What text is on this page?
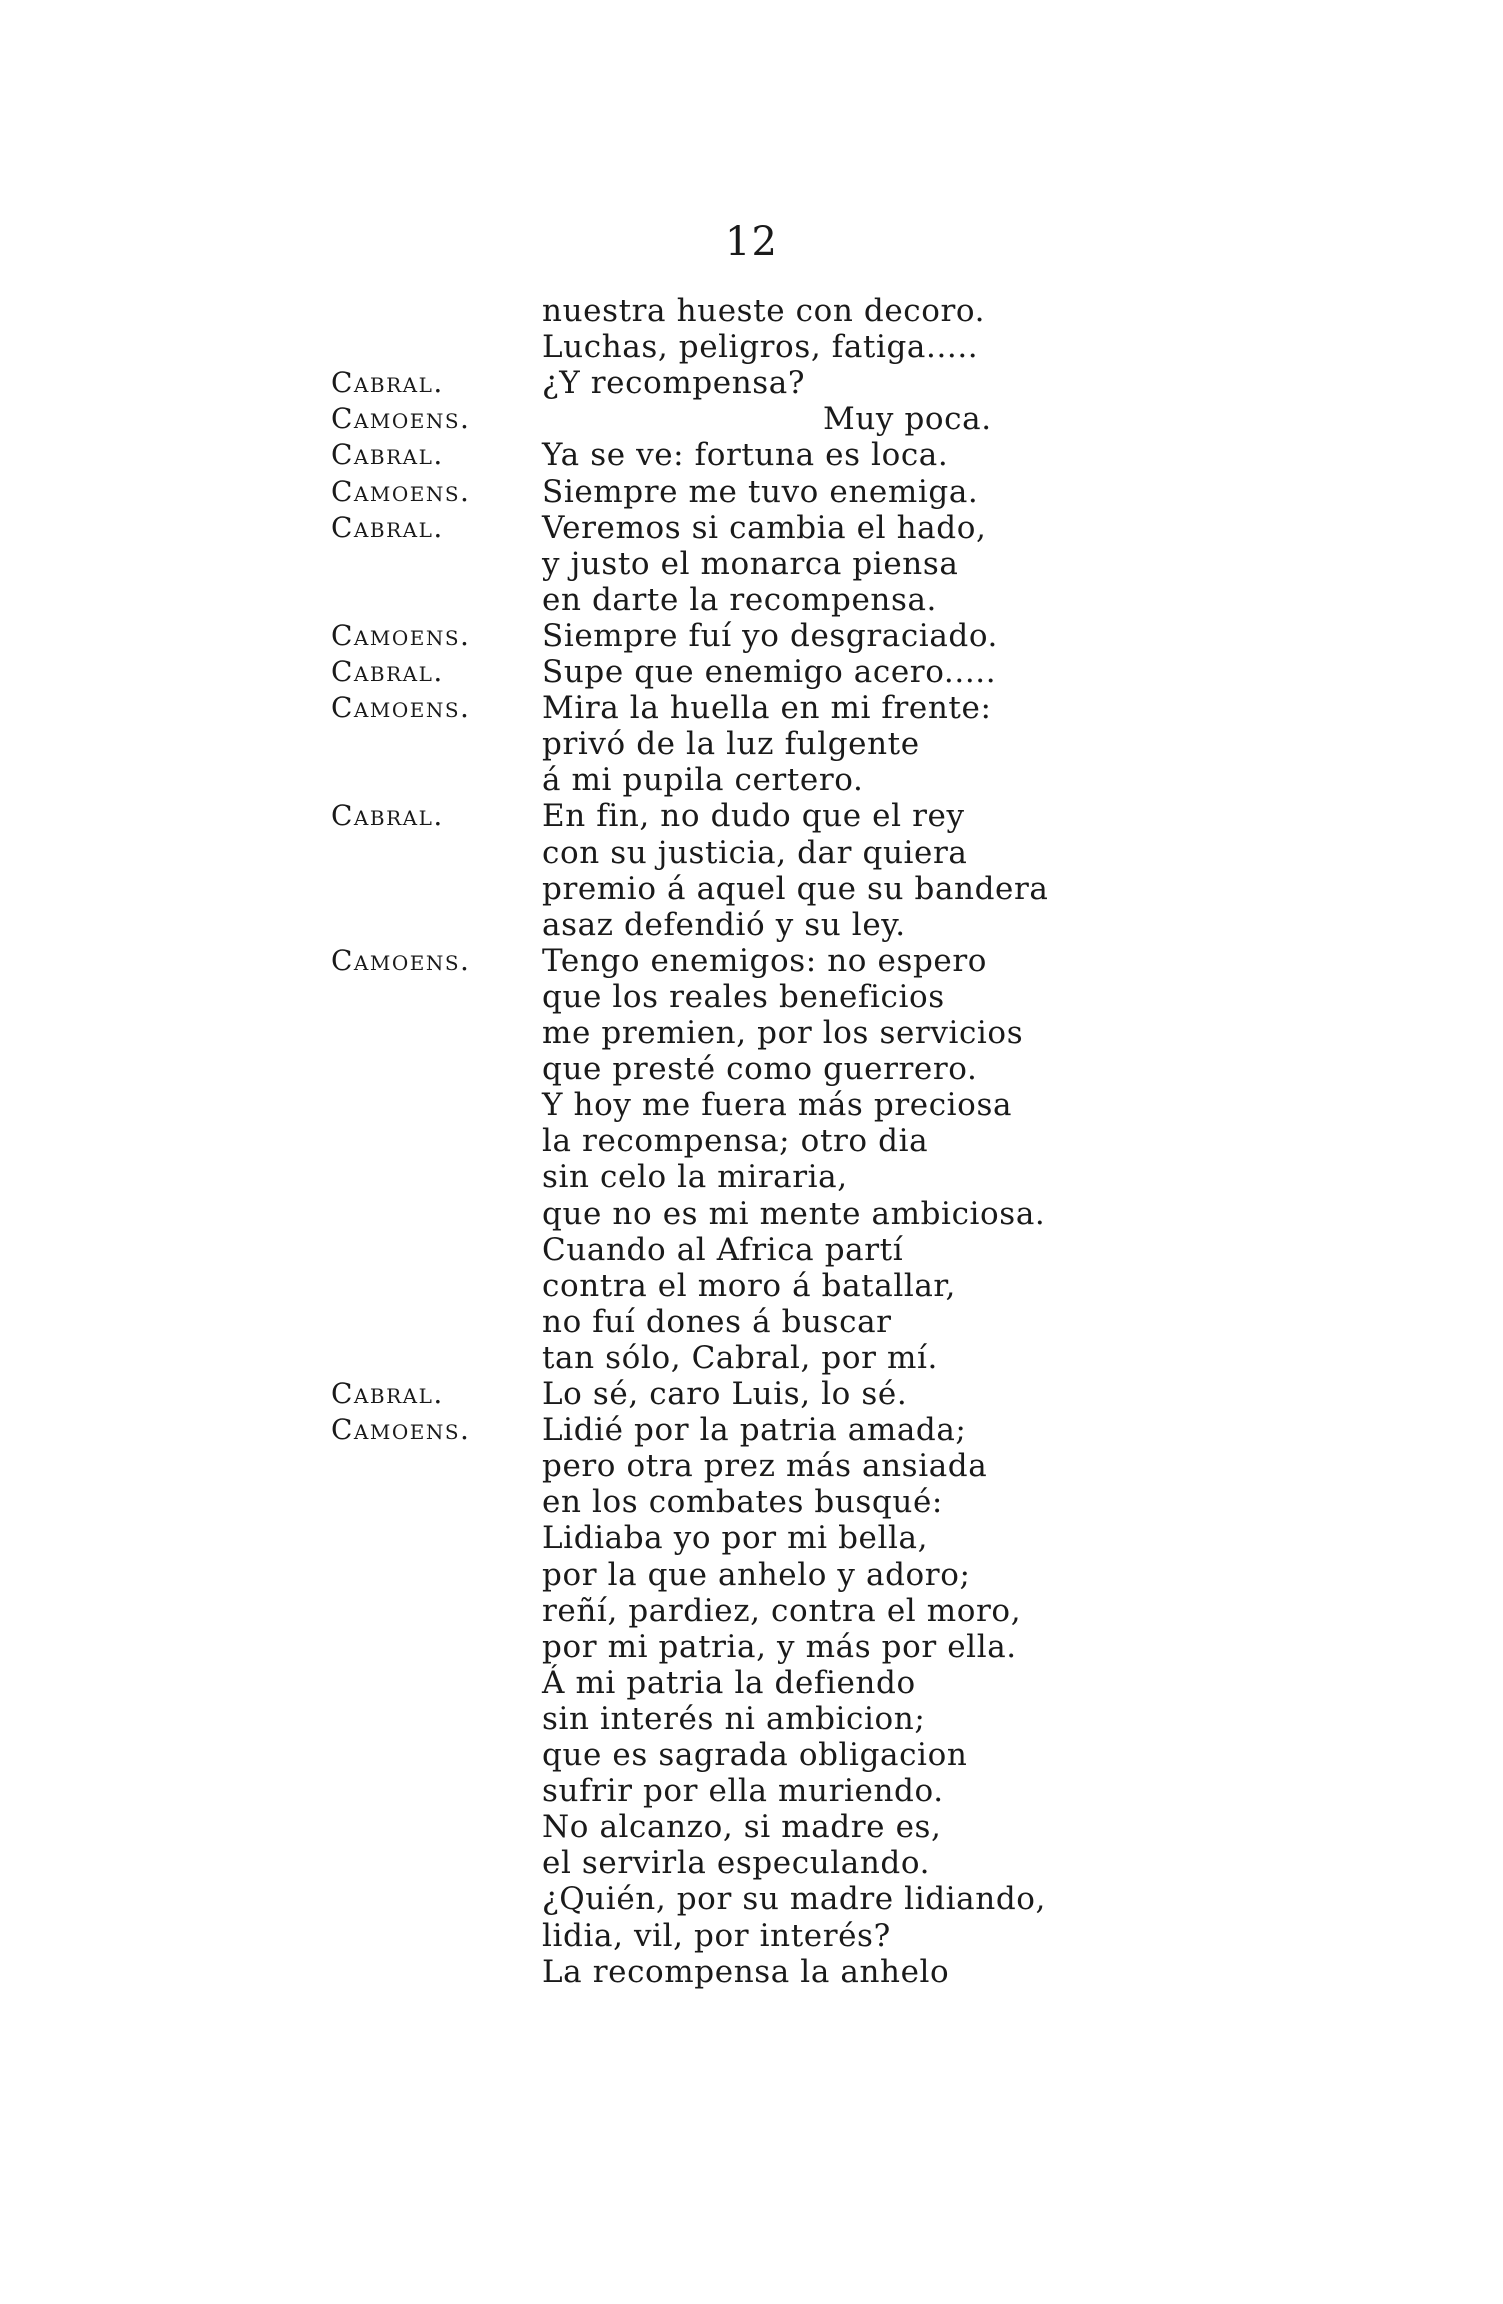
12
nuestra hueste con decoro.
Luchas, peligros, fatiga.....
Cabral.	¿Y recompensa?
Camoens.	Muy poca.
Cabral.	Ya se ve: fortuna es loca.
Camoens. Siempre me tuvo enemiga.
Cabral.	Veremos si cambia el hado,
y justo el monarca piensa
en darte la recompensa.
Camoens. Siempre fuí yo desgraciado.
Cabral.	Supe que enemigo acero.....
Camoens. Mira la huella en mi frente:
privó de la luz fulgente
á mi pupila certero.
Cabral.	En fin, no dudo que el rey
con su justicia, dar quiera
premio á aquel que su bandera
asaz defendió y su ley.
Camoens. Tengo enemigos: no espero
que los reales beneficios
me premien, por los servicios
que presté como guerrero.
Y hoy me fuera más preciosa
la recompensa; otro dia
sin celo la miraria,
que no es mi mente ambiciosa.
Cuando al Africa partí
contra el moro á batallar,
no fuí dones á buscar
tan sólo, Cabral, por mí.
Cabral.	Lo sé, caro Luis, lo sé.
Camoens. Lidié por la patria amada;
pero otra prez más ansiada
en los combates busqué:
Lidiaba yo por mi bella,
por la que anhelo y adoro;
reñí, pardiez, contra el moro,
por mi patria, y más por ella.
Á mi patria la defiendo
sin interés ni ambicion;
que es sagrada obligacion
sufrir por ella muriendo.
No alcanzo, si madre es,
el servirla especulando.
¿Quién, por su madre lidiando,
lidia, vil, por interés?
La recompensa la anhelo
